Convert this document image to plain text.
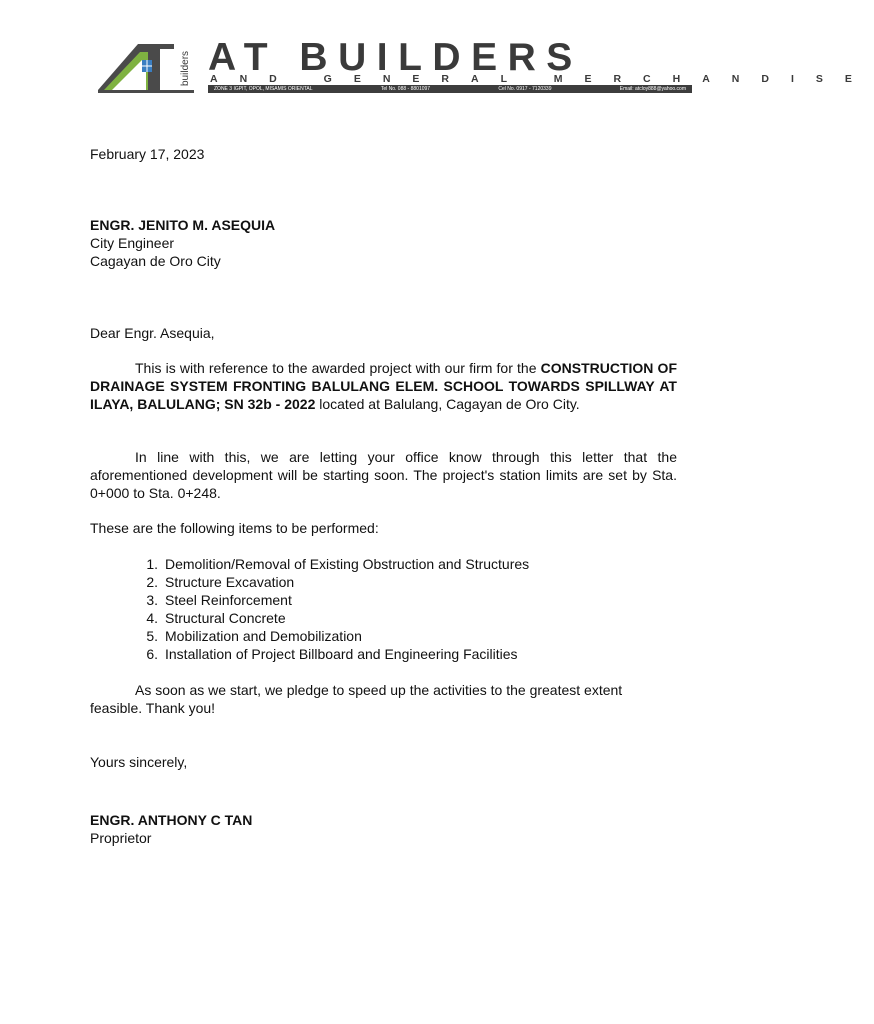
builders AT BUILDERS
AND GENERAL MERCHANDISE
ZONE 3 IGPIT, OPOL, MISAMIS ORIENTAL	Tel No. 088 - 8801097	Cel No. 0917 - 7120339	Email: atcloy888@yahoo.com
February 17, 2023
ENGR. JENITO M. ASEQUIA
City Engineer
Cagayan de Oro City
Dear Engr. Asequia,
This is with reference to the awarded project with our firm for the CONSTRUCTION OF DRAINAGE SYSTEM FRONTING BALULANG ELEM. SCHOOL TOWARDS SPILLWAY AT ILAYA, BALULANG; SN 32b - 2022 located at Balulang, Cagayan de Oro City.
In line with this, we are letting your office know through this letter that the aforementioned development will be starting soon. The project's station limits are set by Sta. 0+000 to Sta. 0+248.
These are the following items to be performed:
1. Demolition/Removal of Existing Obstruction and Structures
2. Structure Excavation
3. Steel Reinforcement
4. Structural Concrete
5. Mobilization and Demobilization
6. Installation of Project Billboard and Engineering Facilities
As soon as we start, we pledge to speed up the activities to the greatest extent feasible. Thank you!
Yours sincerely,
ENGR. ANTHONY C TAN
Proprietor
